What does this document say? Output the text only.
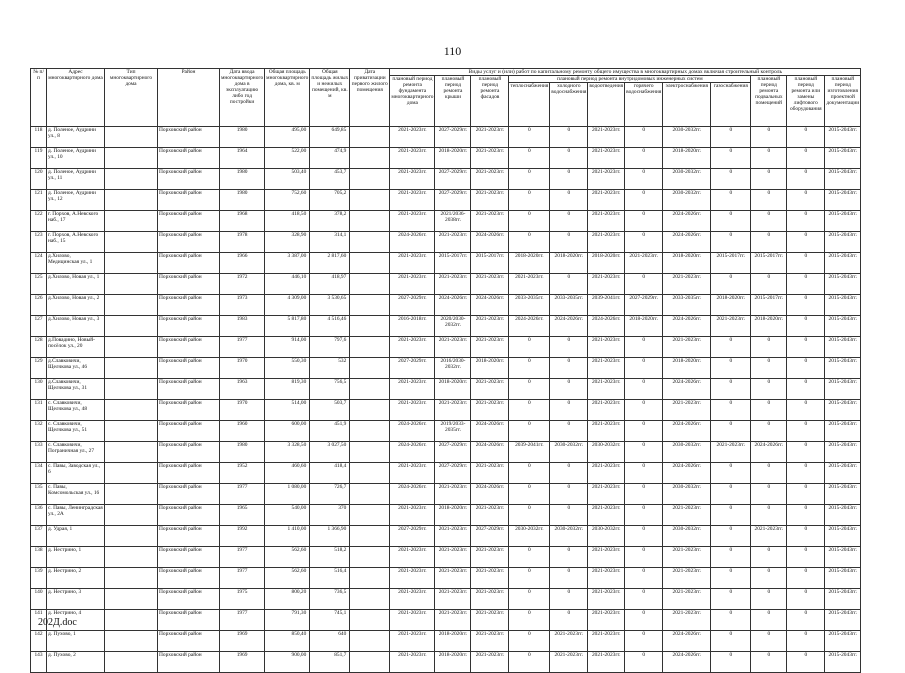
110
№ п/п	Адрес многоквартирного дома	Тип многоквартирного дома	Район	Дата ввода многоквартирного дома в эксплуатацию либо год постройки	Общая площадь многоквартирного дома, кв. м	Общая площадь жилых и нежилых помещений, кв. м	Дата приватизации первого жилого помещения	Виды услуг и (или) работ по капитальному ремонту общего имущества в многоквартирных домах включая строительный контроль											
								плановый период ремонта фундамента многоквартирного дома	плановый период ремонта крыши	плановый период ремонта фасадов	плановый период ремонта внутридомовых инженерных систем						плановый период ремонта подвальных помещений	плановый период ремонта или замены лифтового оборудования	плановый период изготовления проектной документации
											теплоснабжения	холодного водоснабжения	водоотведения	горячего водоснабжения	электроснабжения	газоснабжения			
118	д. Поленое, Аудрини ул., 8		Порховский район	1980	495,00	649,85		2021-2023гг.	2027-2029гг.	2021-2023гг.	0	0	2021-2023гг.	0	2030-2032гг.	0	0	0	2015-2043гг.
119	д. Поленое, Аудрини ул., 10		Порховский район	1964	522,00	474,9		2021-2023гг.	2018-2020гг.	2021-2023гг.	0	0	2021-2023гг.	0	2018-2020гг.	0	0	0	2015-2043гг.
120	д. Поленое, Аудрини ул., 11		Порховский район	1980	503,40	453,7		2021-2023гг.	2027-2029гг.	2021-2023гг.	0	0	2021-2023гг.	0	2030-2032гг.	0	0	0	2015-2043гг.
121	д. Поленое, Аудрини ул., 12		Порховский район	1980	752,60	705,2		2021-2023гг.	2027-2029гг.	2021-2023гг.	0	0	2021-2023гг.	0	2030-2032гг.	0	0	0	2015-2043гг.
122	г. Порхов, А.Невского наб., 17		Порховский район	1968	418,50	378,2		2021-2023гг.	2021/2036-2038гг.	2021-2023гг.	0	0	2021-2023гг.	0	2024-2026гг.	0	0	0	2015-2043гг.
123	г. Порхов, А.Невского наб., 15		Порховский район	1978	328,90	314,1		2024-2026гг.	2021-2023гг.	2024-2026гг.	0	0	2021-2023гг.	0	2024-2026гг.	0	0	0	2015-2043гг.
124	д.Хилово, Медицинская ул., 1		Порховский район	1966	3 387,00	2 817,60		2021-2023гг.	2015-2017гг.	2015-2017гг.	2018-2020гг.	2018-2020гг.	2018-2020гг.	2021-2023гг.	2018-2020гг.	2015-2017гг.	2015-2017гг.	0	2015-2043гг.
125	д.Хилово, Новая ул., 1		Порховский район	1972	446,10	418,97		2021-2023гг.	2021-2023гг.	2021-2023гг.	2021-2023гг.	0	2021-2023гг.	0	2021-2023гг.	0	0	0	2015-2043гг.
126	д.Хилово, Новая ул., 2		Порховский район	1973	4 309,00	3 530,65		2027-2029гг.	2024-2026гг.	2024-2026гг.	2033-2035гг.	2033-2035гг.	2039-2041гг.	2027-2029гг.	2033-2035гг.	2018-2020гг.	2015-2017гг.	0	2015-2043гг.
127	д.Хилово, Новая ул., 3		Порховский район	1983	5 817,80	4 516,46		2016-2018гг.	2020/2030-2032гг.	2021-2023гг.	2024-2026гг.	2024-2026гг.	2024-2026гг.	2018-2020гг.	2024-2026гг.	2021-2023гг.	2018-2020гг.	0	2015-2043гг.
128	д.Повадино, Новый-посёлок ул., 20		Порховский район	1977	914,00	797,6		2021-2023гг.	2021-2023гг.	2021-2023гг.	0	0	2021-2023гг.	0	2021-2023гг.	0	0	0	2015-2043гг.
129	д.Славковичи, Щелчкова ул., 46		Порховский район	1970	550,30	532		2027-2029гг.	2016/2030-2032гг.	2018-2020гг.	0	0	2021-2023гг.	0	2018-2020гг.	0	0	0	2015-2043гг.
130	д.Славковичи, Щелчкова ул., 31		Порховский район	1963	819,30	756,5		2021-2023гг.	2018-2020гг.	2021-2023гг.	0	0	2021-2023гг.	0	2024-2026гг.	0	0	0	2015-2043гг.
131	с. Славковичи, Щелчкова ул., 48		Порховский район	1970	514,00	503,7		2021-2023гг.	2021-2023гг.	2021-2023гг.	0	0	2021-2023гг.	0	2021-2023гг.	0	0	0	2015-2043гг.
132	с. Славковичи, Щелчкова ул., 51		Порховский район	1960	600,00	451,9		2024-2026гг.	2019/2033-2035гг.	2024-2026гг.	0	0	2021-2023гг.	0	2024-2026гг.	0	0	0	2015-2043гг.
133	с. Славковичи, Пограничная ул., 27		Порховский район	1980	3 328,50	3 027,50		2024-2026гг.	2027-2029гг.	2024-2026гг.	2039-2041гг.	2030-2032гг.	2030-2032гг.	0	2030-2032гг.	2021-2023гг.	2024-2026гг.	0	2015-2043гг.
134	с. Павы, Заводская ул., 6		Порховский район	1952	460,60	418,4		2021-2023гг.	2027-2029гг.	2021-2023гг.	0	0	2021-2023гг.	0	2024-2026гг.	0	0	0	2015-2043гг.
135	с. Павы, Комсомольская ул., 16		Порховский район	1977	1 080,00	726,7		2024-2026гг.	2021-2023гг.	2024-2026гг.	0	0	2021-2023гг.	0	2030-2032гг.	0	0	0	2015-2043гг.
136	с. Павы, Ленинградская ул., 2А		Порховский район	1965	540,00	370		2021-2023гг.	2018-2020гг.	2021-2023гг.	0	0	2021-2023гг.	0	2021-2023гг.	0	0	0	2015-2043гг.
137	д. Удрая, 1		Порховский район	1992	1 410,00	1 366,90		2027-2029гг.	2021-2023гг.	2027-2029гг.	2030-2032гг.	2030-2032гг.	2030-2032гг.	0	2030-2032гг.	0	2021-2023гг.	0	2015-2043гг.
138	д. Нестрино, 1		Порховский район	1977	562,60	518,2		2021-2023гг.	2021-2023гг.	2021-2023гг.	0	0	2021-2023гг.	0	2021-2023гг.	0	0	0	2015-2043гг.
139	д. Нестрино, 2		Порховский район	1977	562,60	516,4		2021-2023гг.	2021-2023гг.	2021-2023гг.	0	0	2021-2023гг.	0	2021-2023гг.	0	0	0	2015-2043гг.
140	д. Нестрино, 3		Порховский район	1975	800,20	736,5		2021-2023гг.	2021-2023гг.	2021-2023гг.	0	0	2021-2023гг.	0	2021-2023гг.	0	0	0	2015-2043гг.
141	д. Нестрино, 4		Порховский район	1977	791,30	745,1		2021-2023гг.	2021-2023гг.	2021-2023гг.	0	0	2021-2023гг.	0	2021-2023гг.	0	0	0	2015-2043гг.
142	д. Пухово, 1		Порховский район	1969	850,40	640		2021-2023гг.	2018-2020гг.	2021-2023гг.	0	2021-2023гг.	2021-2023гг.	0	2024-2026гг.	0	0	0	2015-2043гг.
143	д. Пухово, 2		Порховский район	1969	900,00	851,7		2021-2023гг.	2018-2020гг.	2021-2023гг.	0	2021-2023гг.	2021-2023гг.	0	2024-2026гг.	0	0	0	2015-2043гг.
202Д.doc
